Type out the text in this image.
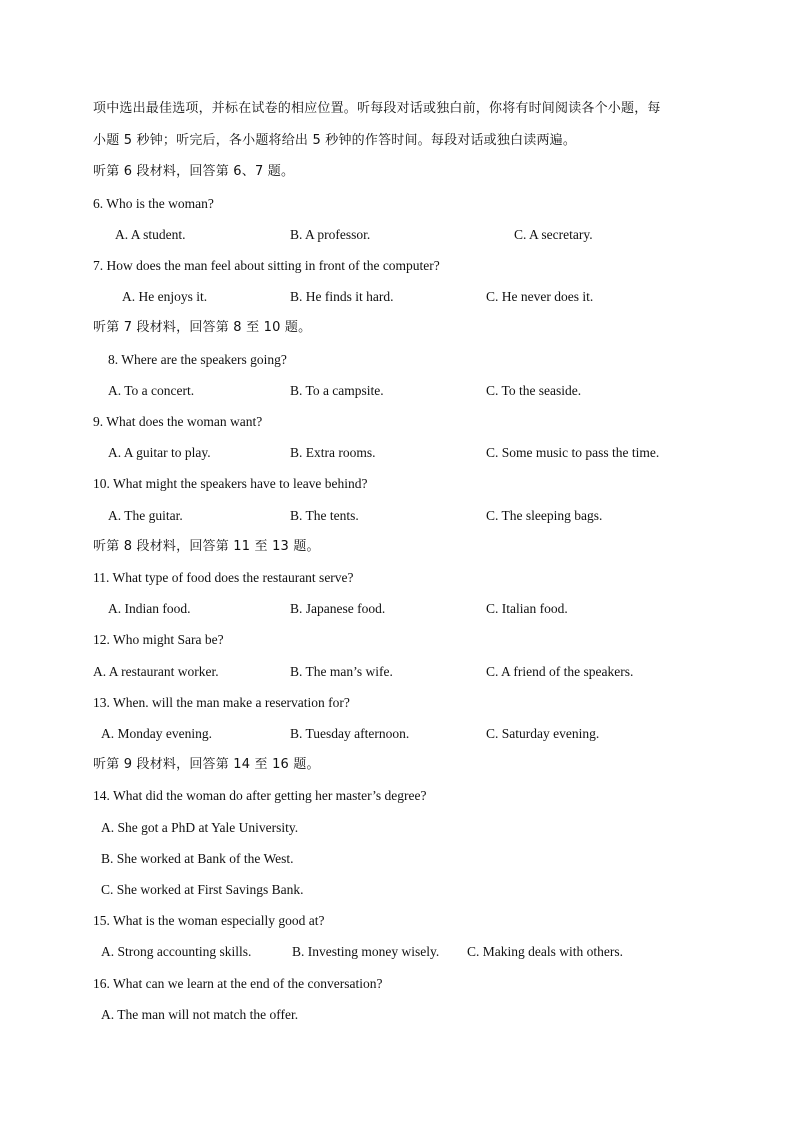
项中选出最佳选项，并标在试卷的相应位置。听每段对话或独白前，你将有时间阅读各个小题，每
小题 5 秒钟；听完后，各小题将给出 5 秒钟的作答时间。每段对话或独白读两遍。
听第 6 段材料，回答第 6、7 题。
6. Who is the woman?
A. A student.	B. A professor.	C. A secretary.
7. How does the man feel about sitting in front of the computer?
A. He enjoys it.	B. He finds it hard.	C. He never does it.
听第 7 段材料，回答第 8 至 10 题。
8. Where are the speakers going?
A. To a concert.	B. To a campsite.	C. To the seaside.
9. What does the woman want?
A. A guitar to play.	B. Extra rooms.	C. Some music to pass the time.
10. What might the speakers have to leave behind?
A. The guitar.	B. The tents.	C. The sleeping bags.
听第 8 段材料，回答第 11 至 13 题。
11. What type of food does the restaurant serve?
A. Indian food.	B. Japanese food.	C. Italian food.
12. Who might Sara be?
A. A restaurant worker.	B. The man’s wife.	C. A friend of the speakers.
13. When. will the man make a reservation for?
A. Monday evening.	B. Tuesday afternoon.	C. Saturday evening.
听第 9 段材料，回答第 14 至 16 题。
14. What did the woman do after getting her master’s degree?
A. She got a PhD at Yale University.
B. She worked at Bank of the West.
C. She worked at First Savings Bank.
15. What is the woman especially good at?
A. Strong accounting skills.	B. Investing money wisely. C. Making deals with others.
16. What can we learn at the end of the conversation?
A. The man will not match the offer.
